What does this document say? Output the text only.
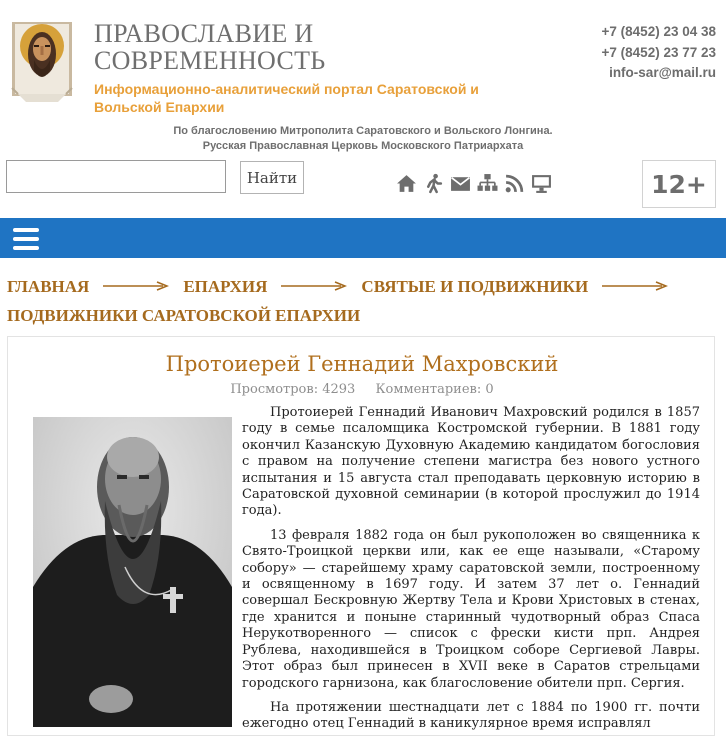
ПРАВОСЛАВИЕ И
СОВРЕМЕННОСТЬ
Информационно-аналитический портал Саратовской и Вольской Епархии
+7 (8452) 23 04 38
+7 (8452) 23 77 23
info-sar@mail.ru
По благословению Митрополита Саратовского и Вольского Лонгина.
Русская Православная Церковь Московского Патриархата
Найти	12+
ГЛАВНАЯ	ЕПАРХИЯ	СВЯТЫЕ И ПОДВИЖНИКИ
ПОДВИЖНИКИ САРАТОВСКОЙ ЕПАРХИИ
Протоиерей Геннадий Махровский
Просмотров: 4293 Комментариев: 0

Протоиерей Геннадий Иванович Махровский родился в 1857 году в семье псаломщика Костромской губернии. В 1881 году окончил Казанскую Духовную Академию кандидатом богословия с правом на получение степени магистра без нового устного испытания и 15 августа стал преподавать церковную историю в Саратовской духовной семинарии (в которой прослужил до 1914 года).

13 февраля 1882 года он был рукоположен во священника к Свято-Троицкой церкви или, как ее еще называли, «Старому собору» — старейшему храму саратовской земли, построенному и освященному в 1697 году. И затем 37 лет о. Геннадий совершал Бескровную Жертву Тела и Крови Христовых в стенах, где хранится и поныне старинный чудотворный образ Спаса Нерукотворенного — список с фрески кисти прп. Андрея Рублева, находившейся в Троицком соборе Сергиевой Лавры. Этот образ был принесен в XVII веке в Саратов стрельцами городского гарнизона, как благословение обители прп. Сергия.

На протяжении шестнадцати лет с 1884 по 1900 гг. почти ежегодно отец Геннадий в каникулярное время исправлял
